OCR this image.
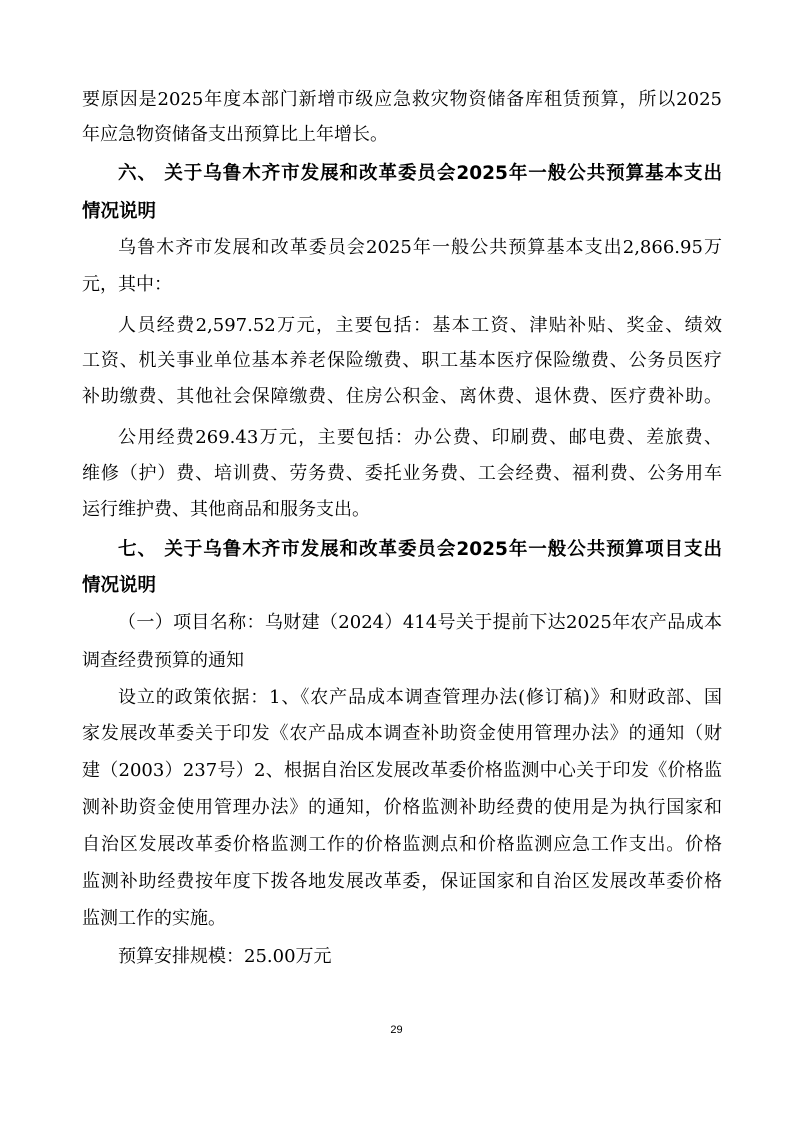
要原因是2025年度本部门新增市级应急救灾物资储备库租赁预算，所以2025
年应急物资储备支出预算比上年增长。
六、 关于乌鲁木齐市发展和改革委员会2025年一般公共预算基本支出
情况说明
乌鲁木齐市发展和改革委员会2025年一般公共预算基本支出2,866.95万
元，其中：
人员经费2,597.52万元，主要包括：基本工资、津贴补贴、奖金、绩效
工资、机关事业单位基本养老保险缴费、职工基本医疗保险缴费、公务员医疗
补助缴费、其他社会保障缴费、住房公积金、离休费、退休费、医疗费补助。
公用经费269.43万元，主要包括：办公费、印刷费、邮电费、差旅费、
维修（护）费、培训费、劳务费、委托业务费、工会经费、福利费、公务用车
运行维护费、其他商品和服务支出。
七、 关于乌鲁木齐市发展和改革委员会2025年一般公共预算项目支出
情况说明
（一）项目名称：乌财建（2024）414号关于提前下达2025年农产品成本
调查经费预算的通知
设立的政策依据：1、《农产品成本调查管理办法(修订稿)》和财政部、国
家发展改革委关于印发《农产品成本调查补助资金使用管理办法》的通知（财
建（2003）237号）2、根据自治区发展改革委价格监测中心关于印发《价格监
测补助资金使用管理办法》的通知，价格监测补助经费的使用是为执行国家和
自治区发展改革委价格监测工作的价格监测点和价格监测应急工作支出。价格
监测补助经费按年度下拨各地发展改革委，保证国家和自治区发展改革委价格
监测工作的实施。
预算安排规模：25.00万元
29
